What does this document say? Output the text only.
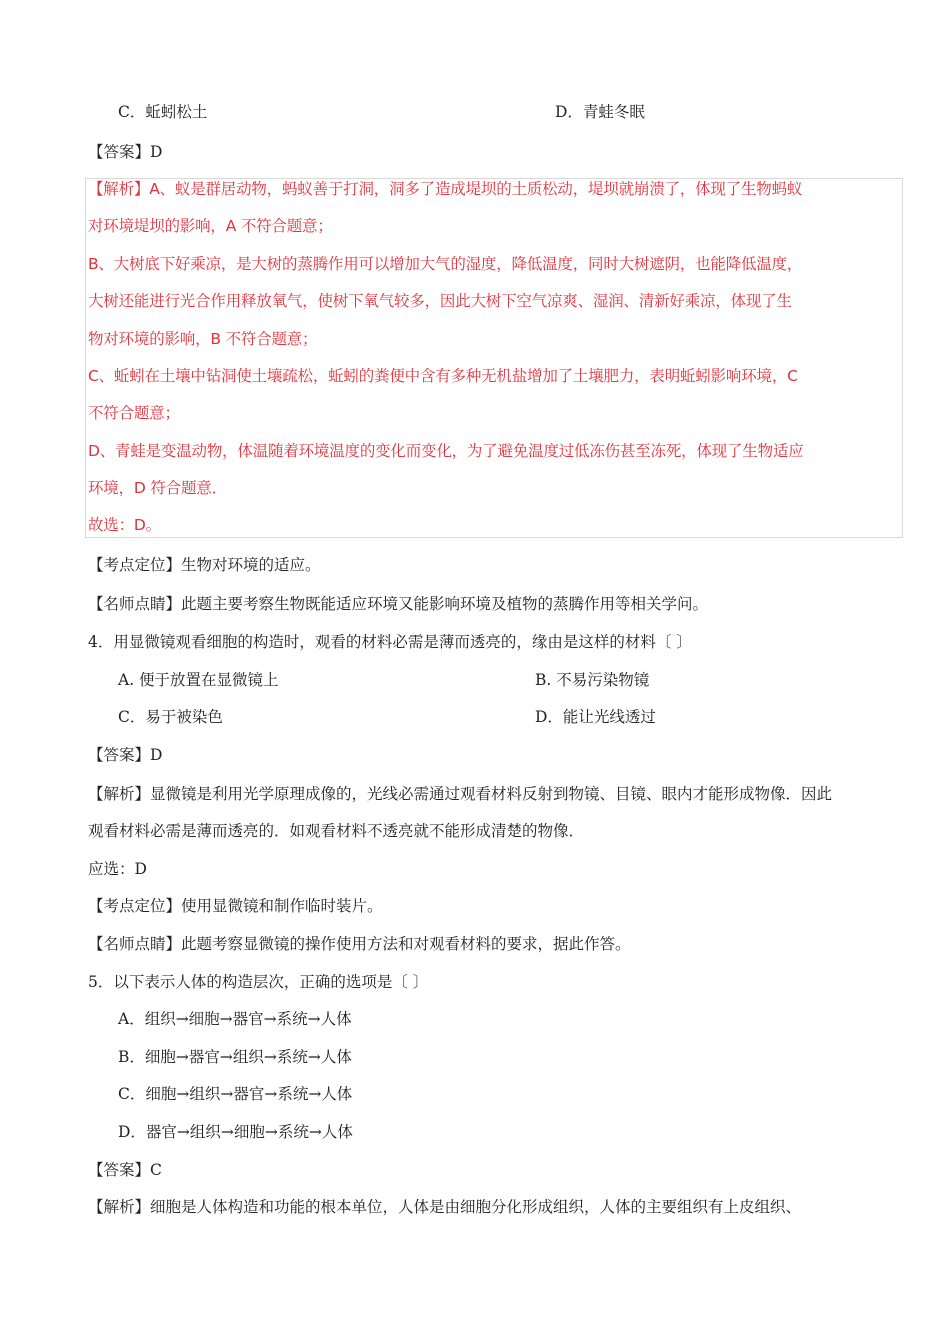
C．蚯蚓松土	D．青蛙冬眠
【答案】D
【解析】A、蚁是群居动物，蚂蚁善于打洞，洞多了造成堤坝的土质松动，堤坝就崩溃了，体现了生物蚂蚁
对环境堤坝的影响，A 不符合题意；
B、大树底下好乘凉，是大树的蒸腾作用可以增加大气的湿度，降低温度，同时大树遮阴，也能降低温度，
大树还能进行光合作用释放氧气，使树下氧气较多，因此大树下空气凉爽、湿润、清新好乘凉，体现了生
物对环境的影响，B 不符合题意；
C、蚯蚓在土壤中钻洞使土壤疏松，蚯蚓的粪便中含有多种无机盐增加了土壤肥力，表明蚯蚓影响环境，C
不符合题意；
D、青蛙是变温动物，体温随着环境温度的变化而变化，为了避免温度过低冻伤甚至冻死，体现了生物适应
环境，D 符合题意．
故选：D。
【考点定位】生物对环境的适应。
【名师点睛】此题主要考察生物既能适应环境又能影响环境及植物的蒸腾作用等相关学问。
4．用显微镜观看细胞的构造时，观看的材料必需是薄而透亮的，缘由是这样的材料〔 〕
A. 便于放置在显微镜上	B. 不易污染物镜
C．易于被染色	D．能让光线透过
【答案】D
【解析】显微镜是利用光学原理成像的，光线必需通过观看材料反射到物镜、目镜、眼内才能形成物像．因此
观看材料必需是薄而透亮的．如观看材料不透亮就不能形成清楚的物像．
应选：D
【考点定位】使用显微镜和制作临时装片。
【名师点睛】此题考察显微镜的操作使用方法和对观看材料的要求，据此作答。
5．以下表示人体的构造层次，正确的选项是〔 〕
A．组织→细胞→器官→系统→人体
B．细胞→器官→组织→系统→人体
C．细胞→组织→器官→系统→人体
D．器官→组织→细胞→系统→人体
【答案】C
【解析】细胞是人体构造和功能的根本单位，人体是由细胞分化形成组织，人体的主要组织有上皮组织、
